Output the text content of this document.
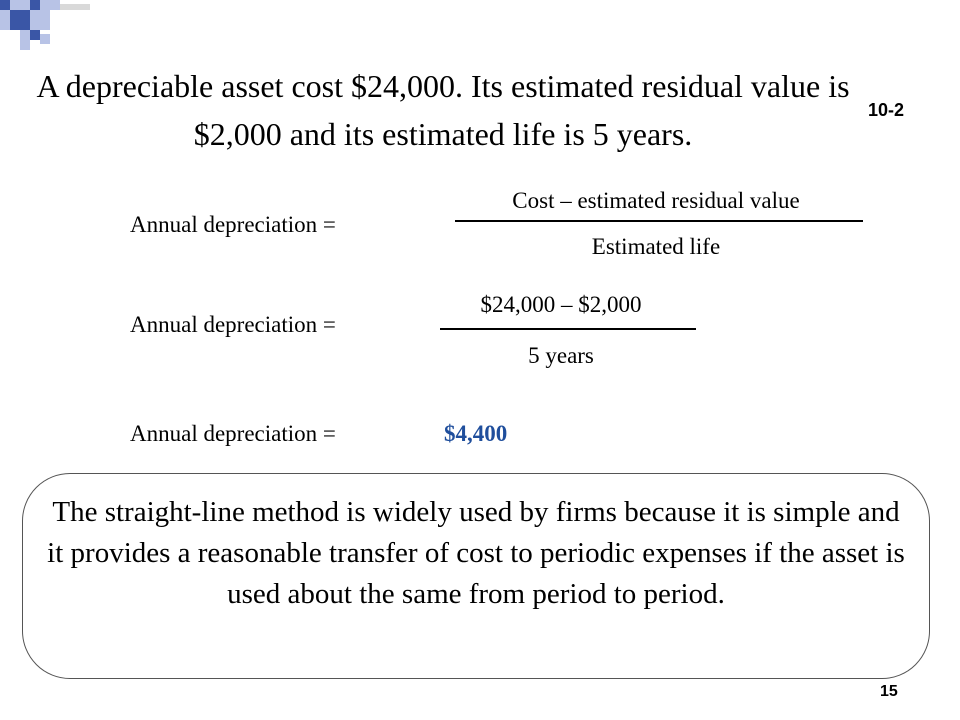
10-2
A depreciable asset cost $24,000. Its estimated residual value is $2,000 and its estimated life is 5 years.
Annual depreciation =
Cost – estimated residual value
Estimated life
Annual depreciation =
$24,000 – $2,000
5 years
Annual depreciation =	$4,400
The straight-line method is widely used by firms because it is simple and it provides a reasonable transfer of cost to periodic expenses if the asset is used about the same from period to period.
15
